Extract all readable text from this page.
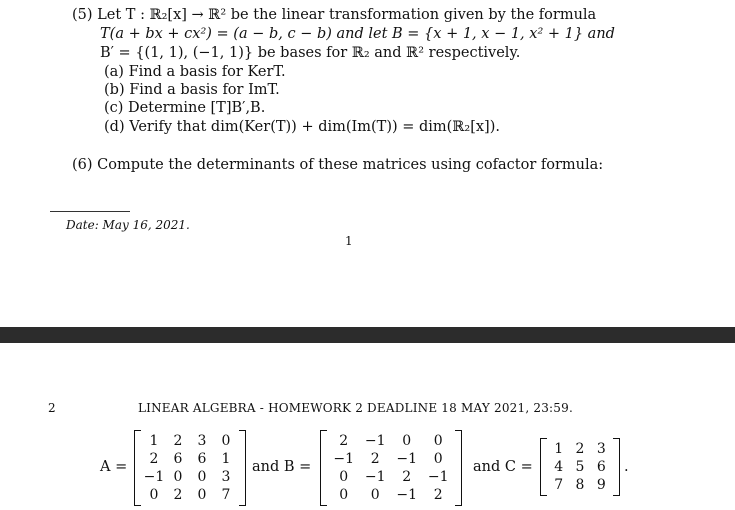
(5) Let T : ℝ₂[x] → ℝ² be the linear transformation given by the formula
T(a + bx + cx²) = (a − b, c − b) and let B = {x + 1, x − 1, x² + 1} and
B′ = {(1, 1), (−1, 1)} be bases for ℝ₂ and ℝ² respectively.
(a) Find a basis for KerT.
(b) Find a basis for ImT.
(c) Determine [T]B′,B.
(d) Verify that dim(Ker(T)) + dim(Im(T)) = dim(ℝ₂[x]).
(6) Compute the determinants of these matrices using cofactor formula:
Date: May 16, 2021.
1
2	LINEAR ALGEBRA - HOMEWORK 2 DEADLINE 18 MAY 2021, 23:59.
A =
1	2	3	0
2	6	6	1
−1 0	0	3
0	2	0	7
and B =
2	−1	0	0
−1	2	−1	0
0	−1	2	−1
0	0	−1	2
and C =
1 2 3
4 5 6
7 8 9
.
